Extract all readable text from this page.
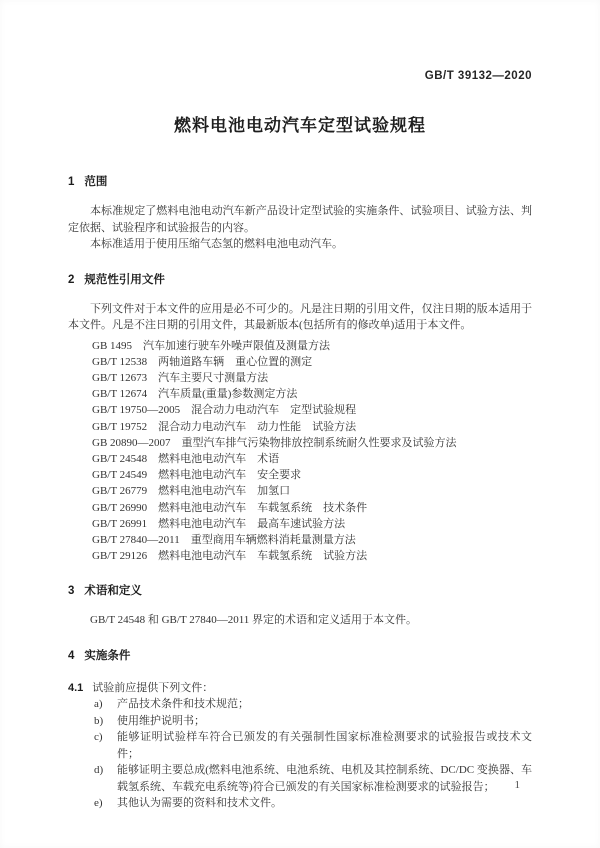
GB/T 39132—2020
燃料电池电动汽车定型试验规程
1 范围

本标准规定了燃料电池电动汽车新产品设计定型试验的实施条件、试验项目、试验方法、判定依据、试验程序和试验报告的内容。

本标准适用于使用压缩气态氢的燃料电池电动汽车。

2 规范性引用文件

下列文件对于本文件的应用是必不可少的。凡是注日期的引用文件，仅注日期的版本适用于本文件。凡是不注日期的引用文件，其最新版本(包括所有的修改单)适用于本文件。

GB 1495　汽车加速行驶车外噪声限值及测量方法
GB/T 12538　两轴道路车辆　重心位置的测定
GB/T 12673　汽车主要尺寸测量方法
GB/T 12674　汽车质量(重量)参数测定方法
GB/T 19750—2005　混合动力电动汽车　定型试验规程
GB/T 19752　混合动力电动汽车　动力性能　试验方法
GB 20890—2007　重型汽车排气污染物排放控制系统耐久性要求及试验方法
GB/T 24548　燃料电池电动汽车　术语
GB/T 24549　燃料电池电动汽车　安全要求
GB/T 26779　燃料电池电动汽车　加氢口
GB/T 26990　燃料电池电动汽车　车载氢系统　技术条件
GB/T 26991　燃料电池电动汽车　最高车速试验方法
GB/T 27840—2011　重型商用车辆燃料消耗量测量方法
GB/T 29126　燃料电池电动汽车　车载氢系统　试验方法
3 术语和定义

GB/T 24548 和 GB/T 27840—2011 界定的术语和定义适用于本文件。

4 实施条件

4.1 试验前应提供下列文件：

a)	产品技术条件和技术规范；
b)	使用维护说明书；
c)	能够证明试验样车符合已颁发的有关强制性国家标准检测要求的试验报告或技术文件；
d)	能够证明主要总成(燃料电池系统、电池系统、电机及其控制系统、DC/DC 变换器、车载氢系统、车载充电系统等)符合已颁发的有关国家标准检测要求的试验报告；
e)	其他认为需要的资料和技术文件。
1
